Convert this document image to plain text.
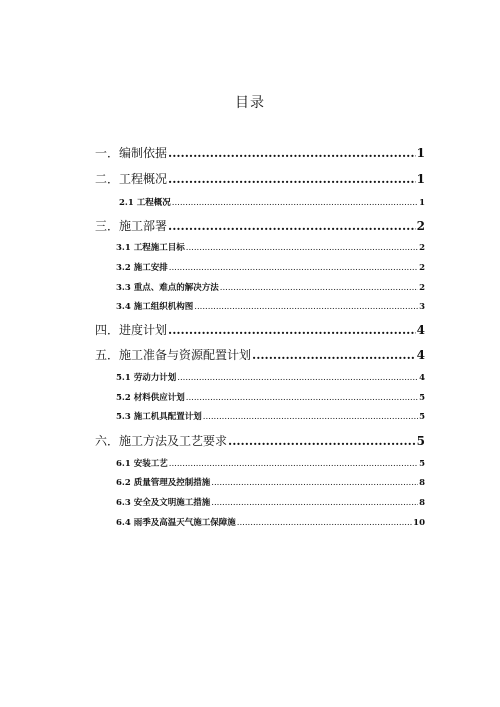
目录
一．编制依据 .....	1
二．工程概况 .....	1
2.1 工程概况 .....	1
三．施工部署 .....	2
3.1 工程施工目标 .....	2
3.2 施工安排 .....	2
3.3 重点、难点的解决方法 .....	2
3.4 施工组织机构图 .....	3
四．进度计划 .....	4
五．施工准备与资源配置计划 .....	4
5.1 劳动力计划 .....	4
5.2 材料供应计划 .....	5
5.3 施工机具配置计划 .....	5
六．施工方法及工艺要求 .....	5
6.1 安装工艺 .....	5
6.2 质量管理及控制措施 .....	8
6.3 安全及文明施工措施 .....	8
6.4 雨季及高温天气施工保障施 .....	10
